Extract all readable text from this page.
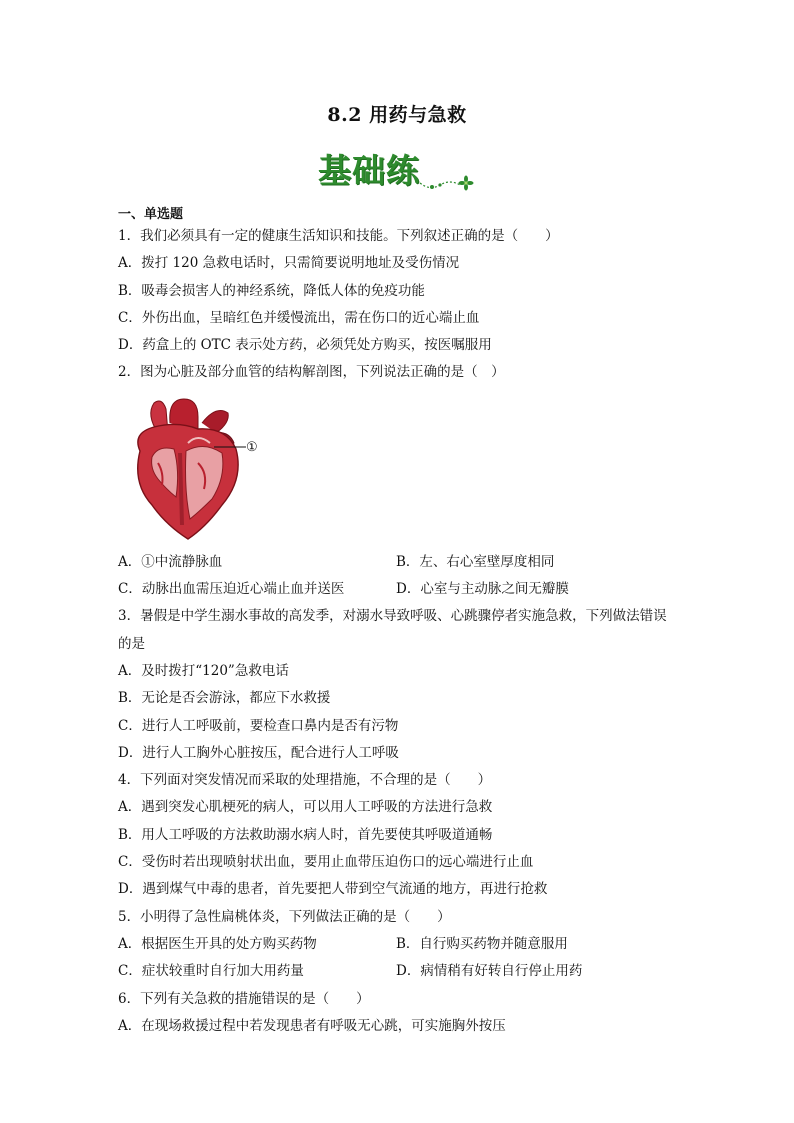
8.2 用药与急救
基础练
一、单选题
1．我们必须具有一定的健康生活知识和技能。下列叙述正确的是（　　）
A．拨打 120 急救电话时，只需简要说明地址及受伤情况
B．吸毒会损害人的神经系统，降低人体的免疫功能
C．外伤出血，呈暗红色并缓慢流出，需在伤口的近心端止血
D．药盒上的 OTC 表示处方药，必须凭处方购买，按医嘱服用
2．图为心脏及部分血管的结构解剖图，下列说法正确的是（　）
①
A．①中流静脉血	B．左、右心室壁厚度相同
C．动脉出血需压迫近心端止血并送医	D．心室与主动脉之间无瓣膜
3．暑假是中学生溺水事故的高发季，对溺水导致呼吸、心跳骤停者实施急救，下列做法错误的是
A．及时拨打“120”急救电话
B．无论是否会游泳，都应下水救援
C．进行人工呼吸前，要检查口鼻内是否有污物
D．进行人工胸外心脏按压，配合进行人工呼吸
4．下列面对突发情况而采取的处理措施，不合理的是（　　）
A．遇到突发心肌梗死的病人，可以用人工呼吸的方法进行急救
B．用人工呼吸的方法救助溺水病人时，首先要使其呼吸道通畅
C．受伤时若出现喷射状出血，要用止血带压迫伤口的远心端进行止血
D．遇到煤气中毒的患者，首先要把人带到空气流通的地方，再进行抢救
5．小明得了急性扁桃体炎，下列做法正确的是（　　）
A．根据医生开具的处方购买药物	B．自行购买药物并随意服用
C．症状较重时自行加大用药量	D．病情稍有好转自行停止用药
6．下列有关急救的措施错误的是（　　）
A．在现场救援过程中若发现患者有呼吸无心跳，可实施胸外按压
